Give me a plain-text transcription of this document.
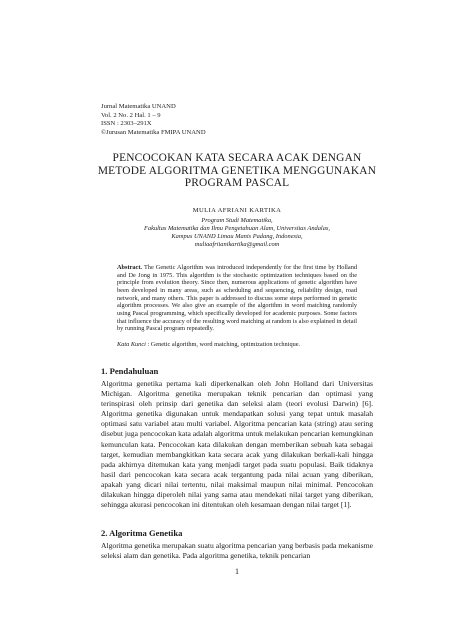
Jurnal Matematika UNAND
Vol. 2 No. 2 Hal. 1 – 9
ISSN : 2303–291X
©Jurusan Matematika FMIPA UNAND
PENCOCOKAN KATA SECARA ACAK DENGAN
METODE ALGORITMA GENETIKA MENGGUNAKAN
PROGRAM PASCAL
MULIA AFRIANI KARTIKA
Program Studi Matematika,
Fakultas Matematika dan Ilmu Pengetahuan Alam, Universitas Andalas,
Kampus UNAND Limau Manis Padang, Indonesia,
muliaafriianikartika@gmail.com
Abstract. The Genetic Algorithm was introduced independently for the first time by Holland and De Jong in 1975. This algorithm is the stochastic optimization techniques based on the principle from evolution theory. Since then, numerous applications of genetic algorithm have been developed in many areas, such as scheduling and sequencing, reliability design, road network, and many others. This paper is addressed to discuss some steps performed in genetic algorithm processes. We also give an example of the algorithm in word matching randomly using Pascal programming, which specifically developed for academic purposes. Some factors that influence the accuracy of the resulting word matching at random is also explained in detail by running Pascal program repeatedly.
Kata Kunci : Genetic algorithm, word matching, optimization technique.
1. Pendahuluan

Algoritma genetika pertama kali diperkenalkan oleh John Holland dari Universitas Michigan. Algoritma genetika merupakan teknik pencarian dan optimasi yang terinspirasi oleh prinsip dari genetika dan seleksi alam (teori evolusi Darwin) [6]. Algoritma genetika digunakan untuk mendapatkan solusi yang tepat untuk masalah optimasi satu variabel atau multi variabel. Algoritma pencarian kata (string) atau sering disebut juga pencocokan kata adalah algoritma untuk melakukan pencarian kemungkinan kemunculan kata. Pencocokan kata dilakukan dengan memberikan sebuah kata sebagai target, kemudian membangkitkan kata secara acak yang dilakukan berkali-kali hingga pada akhirnya ditemukan kata yang menjadi target pada suatu populasi. Baik tidaknya hasil dari pencocokan kata secara acak tergantung pada nilai acuan yang diberikan, apakah yang dicari nilai tertentu, nilai maksimal maupun nilai minimal. Pencocokan dilakukan hingga diperoleh nilai yang sama atau mendekati nilai target yang diberikan, sehingga akurasi pencocokan ini ditentukan oleh kesamaan dengan nilai target [1].

2. Algoritma Genetika

Algoritma genetika merupakan suatu algoritma pencarian yang berbasis pada mekanisme seleksi alam dan genetika. Pada algoritma genetika, teknik pencarian

1
